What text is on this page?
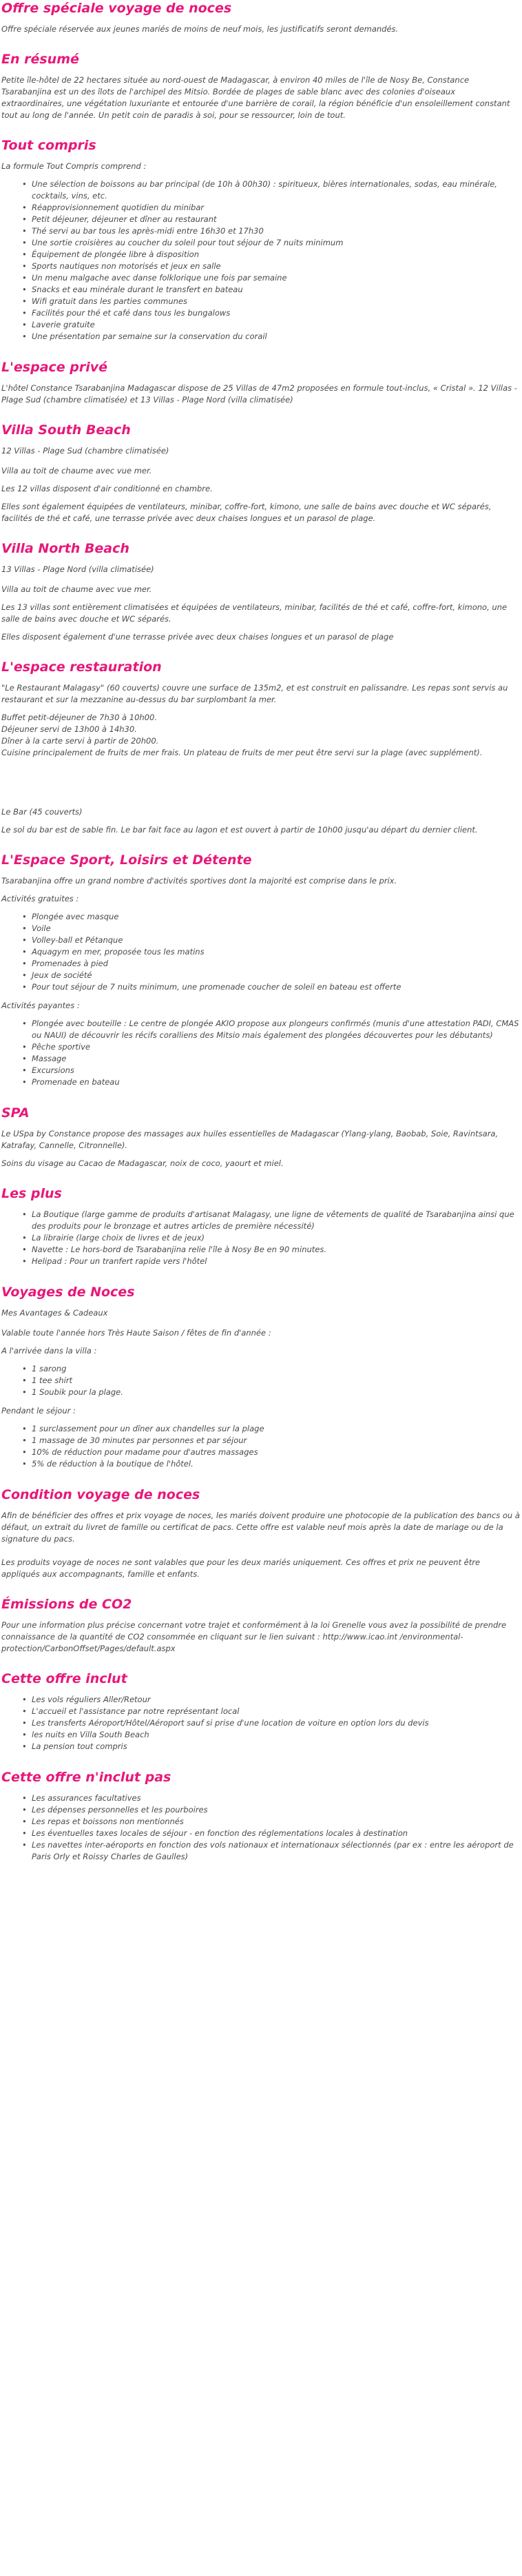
Offre spéciale voyage de noces

Offre spéciale réservée aux jeunes mariés de moins de neuf mois, les justificatifs seront demandés.

En résumé

Petite île-hôtel de 22 hectares située au nord-ouest de Madagascar, à environ 40 miles de l'île de Nosy Be, Constance Tsarabanjina est un des îlots de l'archipel des Mitsio. Bordée de plages de sable blanc avec des colonies d'oiseaux extraordinaires, une végétation luxuriante et entourée d'une barrière de corail, la région bénéficie d'un ensoleillement constant tout au long de l'année. Un petit coin de paradis à soi, pour se ressourcer, loin de tout.

Tout compris

La formule Tout Compris comprend :

• Une sélection de boissons au bar principal (de 10h à 00h30) : spiritueux, bières internationales, sodas, eau minérale, cocktails, vins, etc.
• Réapprovisionnement quotidien du minibar
• Petit déjeuner, déjeuner et dîner au restaurant
• Thé servi au bar tous les après-midi entre 16h30 et 17h30
• Une sortie croisières au coucher du soleil pour tout séjour de 7 nuits minimum
• Équipement de plongée libre à disposition
• Sports nautiques non motorisés et jeux en salle
• Un menu malgache avec danse folklorique une fois par semaine
• Snacks et eau minérale durant le transfert en bateau
• Wifi gratuit dans les parties communes
• Facilités pour thé et café dans tous les bungalows
• Laverie gratuite
• Une présentation par semaine sur la conservation du corail
L'espace privé

L'hôtel Constance Tsarabanjina Madagascar dispose de 25 Villas de 47m2 proposées en formule tout-inclus, « Cristal ». 12 Villas - Plage Sud (chambre climatisée) et 13 Villas - Plage Nord (villa climatisée)

Villa South Beach

12 Villas - Plage Sud (chambre climatisée)

Villa au toit de chaume avec vue mer.

Les 12 villas disposent d'air conditionné en chambre.

Elles sont également équipées de ventilateurs, minibar, coffre-fort, kimono, une salle de bains avec douche et WC séparés, facilités de thé et café, une terrasse privée avec deux chaises longues et un parasol de plage.

Villa North Beach

13 Villas - Plage Nord (villa climatisée)

Villa au toit de chaume avec vue mer.

Les 13 villas sont entièrement climatisées et équipées de ventilateurs, minibar, facilités de thé et café, coffre-fort, kimono, une salle de bains avec douche et WC séparés.

Elles disposent également d'une terrasse privée avec deux chaises longues et un parasol de plage

L'espace restauration

"Le Restaurant Malagasy" (60 couverts) couvre une surface de 135m2, et est construit en palissandre. Les repas sont servis au restaurant et sur la mezzanine au-dessus du bar surplombant la mer.

Buffet petit-déjeuner de 7h30 à 10h00.

Déjeuner servi de 13h00 à 14h30.

Dîner à la carte servi à partir de 20h00.

Cuisine principalement de fruits de mer frais. Un plateau de fruits de mer peut être servi sur la plage (avec supplément).

Le Bar (45 couverts)

Le sol du bar est de sable fin. Le bar fait face au lagon et est ouvert à partir de 10h00 jusqu'au départ du dernier client.

L'Espace Sport, Loisirs et Détente

Tsarabanjina offre un grand nombre d'activités sportives dont la majorité est comprise dans le prix.

Activités gratuites :

• Plongée avec masque
• Voile
• Volley-ball et Pétanque
• Aquagym en mer, proposée tous les matins
• Promenades à pied
• Jeux de société
• Pour tout séjour de 7 nuits minimum, une promenade coucher de soleil en bateau est offerte

Activités payantes :

• Plongée avec bouteille : Le centre de plongée AKIO propose aux plongeurs confirmés (munis d'une attestation PADI, CMAS ou NAUI) de découvrir les récifs coralliens des Mitsio mais également des plongées découvertes pour les débutants)
• Pêche sportive
• Massage
• Excursions
• Promenade en bateau
SPA

Le USpa by Constance propose des massages aux huiles essentielles de Madagascar (Ylang-ylang, Baobab, Soie, Ravintsara, Katrafay, Cannelle, Citronnelle).

Soins du visage au Cacao de Madagascar, noix de coco, yaourt et miel.

Les plus
• La Boutique (large gamme de produits d'artisanat Malagasy, une ligne de vêtements de qualité de Tsarabanjina ainsi que des produits pour le bronzage et autres articles de première nécessité)
• La librairie (large choix de livres et de jeux)
• Navette : Le hors-bord de Tsarabanjina relie l'île à Nosy Be en 90 minutes.
• Helipad : Pour un tranfert rapide vers l'hôtel
Voyages de Noces

Mes Avantages & Cadeaux

Valable toute l'année hors Très Haute Saison / fêtes de fin d'année :

A l'arrivée dans la villa :

• 1 sarong
• 1 tee shirt
• 1 Soubik pour la plage.

Pendant le séjour :

• 1 surclassement pour un dîner aux chandelles sur la plage
• 1 massage de 30 minutes par personnes et par séjour
• 10% de réduction pour madame pour d'autres massages
• 5% de réduction à la boutique de l'hôtel.
Condition voyage de noces

Afin de bénéficier des offres et prix voyage de noces, les mariés doivent produire une photocopie de la publication des bancs ou à défaut, un extrait du livret de famille ou certificat de pacs. Cette offre est valable neuf mois après la date de mariage ou de la signature du pacs.

Les produits voyage de noces ne sont valables que pour les deux mariés uniquement. Ces offres et prix ne peuvent être appliqués aux accompagnants, famille et enfants.

Émissions de CO2

Pour une information plus précise concernant votre trajet et conformément à la loi Grenelle vous avez la possibilité de prendre connaissance de la quantité de CO2 consommée en cliquant sur le lien suivant : http://www.icao.int /environmental-protection/CarbonOffset/Pages/default.aspx

Cette offre inclut
• Les vols réguliers Aller/Retour
• L'accueil et l'assistance par notre représentant local
• Les transferts Aéroport/Hôtel/Aéroport sauf si prise d'une location de voiture en option lors du devis
• les nuits en Villa South Beach
• La pension tout compris
Cette offre n'inclut pas
• Les assurances facultatives
• Les dépenses personnelles et les pourboires
• Les repas et boissons non mentionnés
• Les éventuelles taxes locales de séjour - en fonction des réglementations locales à destination
• Les navettes inter-aéroports en fonction des vols nationaux et internationaux sélectionnés (par ex : entre les aéroport de Paris Orly et Roissy Charles de Gaulles)
